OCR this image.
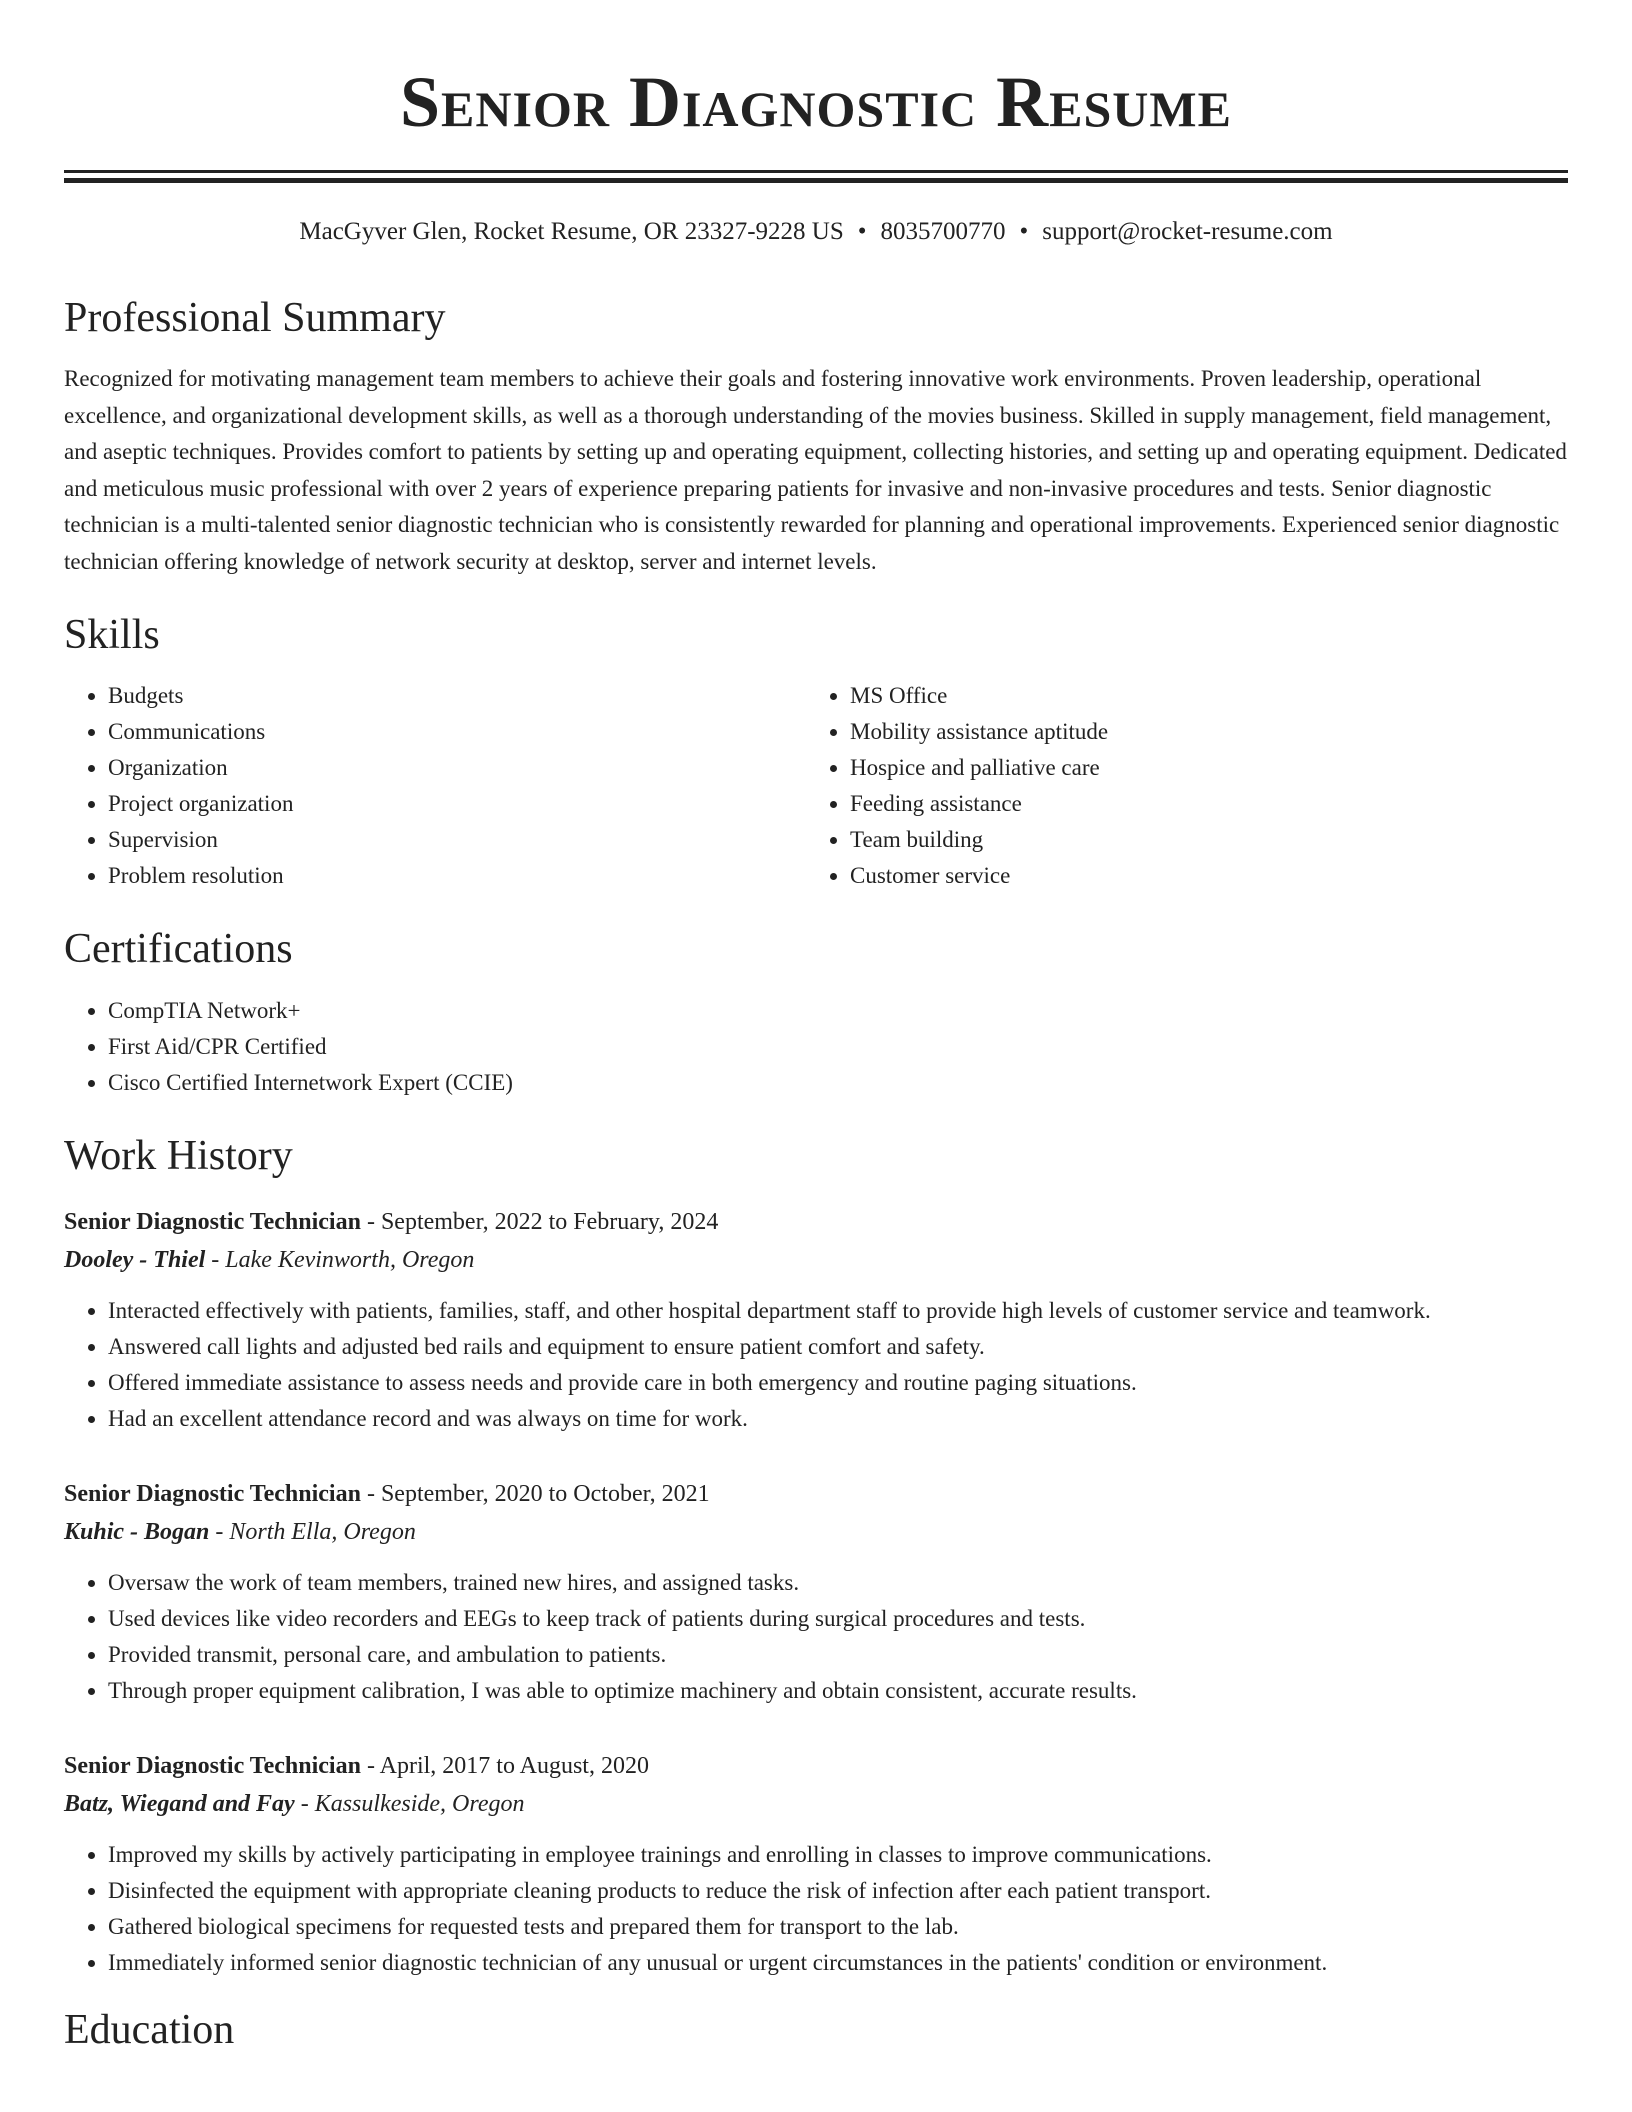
Senior Diagnostic Resume
MacGyver Glen, Rocket Resume, OR 23327-9228 US • 8035700770 • support@rocket-resume.com
Professional Summary
Recognized for motivating management team members to achieve their goals and fostering innovative work environments. Proven leadership, operational excellence, and organizational development skills, as well as a thorough understanding of the movies business. Skilled in supply management, field management, and aseptic techniques. Provides comfort to patients by setting up and operating equipment, collecting histories, and setting up and operating equipment. Dedicated and meticulous music professional with over 2 years of experience preparing patients for invasive and non-invasive procedures and tests. Senior diagnostic technician is a multi-talented senior diagnostic technician who is consistently rewarded for planning and operational improvements. Experienced senior diagnostic technician offering knowledge of network security at desktop, server and internet levels.
Skills
• Budgets
• Communications
• Organization
• Project organization
• Supervision
• Problem resolution
• MS Office
• Mobility assistance aptitude
• Hospice and palliative care
• Feeding assistance
• Team building
• Customer service
Certifications
• CompTIA Network+
• First Aid/CPR Certified
• Cisco Certified Internetwork Expert (CCIE)
Work History
Senior Diagnostic Technician - September, 2022 to February, 2024
Dooley - Thiel - Lake Kevinworth, Oregon
• Interacted effectively with patients, families, staff, and other hospital department staff to provide high levels of customer service and teamwork.
• Answered call lights and adjusted bed rails and equipment to ensure patient comfort and safety.
• Offered immediate assistance to assess needs and provide care in both emergency and routine paging situations.
• Had an excellent attendance record and was always on time for work.
Senior Diagnostic Technician - September, 2020 to October, 2021
Kuhic - Bogan - North Ella, Oregon
• Oversaw the work of team members, trained new hires, and assigned tasks.
• Used devices like video recorders and EEGs to keep track of patients during surgical procedures and tests.
• Provided transmit, personal care, and ambulation to patients.
• Through proper equipment calibration, I was able to optimize machinery and obtain consistent, accurate results.
Senior Diagnostic Technician - April, 2017 to August, 2020
Batz, Wiegand and Fay - Kassulkeside, Oregon
• Improved my skills by actively participating in employee trainings and enrolling in classes to improve communications.
• Disinfected the equipment with appropriate cleaning products to reduce the risk of infection after each patient transport.
• Gathered biological specimens for requested tests and prepared them for transport to the lab.
• Immediately informed senior diagnostic technician of any unusual or urgent circumstances in the patients' condition or environment.
Education
